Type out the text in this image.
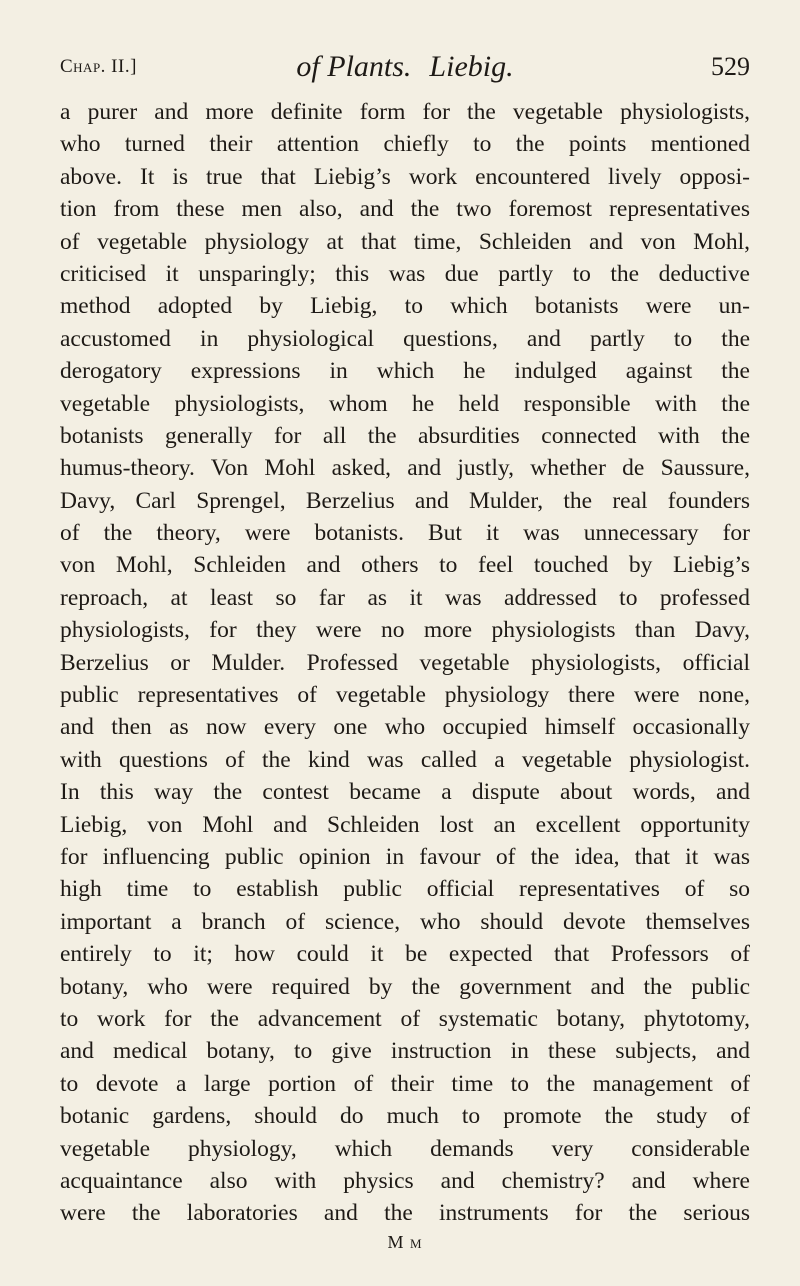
Chap. II.]	of Plants. Liebig.	529
a purer and more definite form for the vegetable physiologists,
who turned their attention chiefly to the points mentioned
above. It is true that Liebig’s work encountered lively opposi-
tion from these men also, and the two foremost representatives
of vegetable physiology at that time, Schleiden and von Mohl,
criticised it unsparingly; this was due partly to the deductive
method adopted by Liebig, to which botanists were un-
accustomed in physiological questions, and partly to the
derogatory expressions in which he indulged against the
vegetable physiologists, whom he held responsible with the
botanists generally for all the absurdities connected with the
humus-theory. Von Mohl asked, and justly, whether de Saussure,
Davy, Carl Sprengel, Berzelius and Mulder, the real founders
of the theory, were botanists. But it was unnecessary for
von Mohl, Schleiden and others to feel touched by Liebig’s
reproach, at least so far as it was addressed to professed
physiologists, for they were no more physiologists than Davy,
Berzelius or Mulder. Professed vegetable physiologists, official
public representatives of vegetable physiology there were none,
and then as now every one who occupied himself occasionally
with questions of the kind was called a vegetable physiologist.
In this way the contest became a dispute about words, and
Liebig, von Mohl and Schleiden lost an excellent opportunity
for influencing public opinion in favour of the idea, that it was
high time to establish public official representatives of so
important a branch of science, who should devote themselves
entirely to it; how could it be expected that Professors of
botany, who were required by the government and the public
to work for the advancement of systematic botany, phytotomy,
and medical botany, to give instruction in these subjects, and
to devote a large portion of their time to the management of
botanic gardens, should do much to promote the study of
vegetable physiology, which demands very considerable
acquaintance also with physics and chemistry? and where
were the laboratories and the instruments for the serious
M m
